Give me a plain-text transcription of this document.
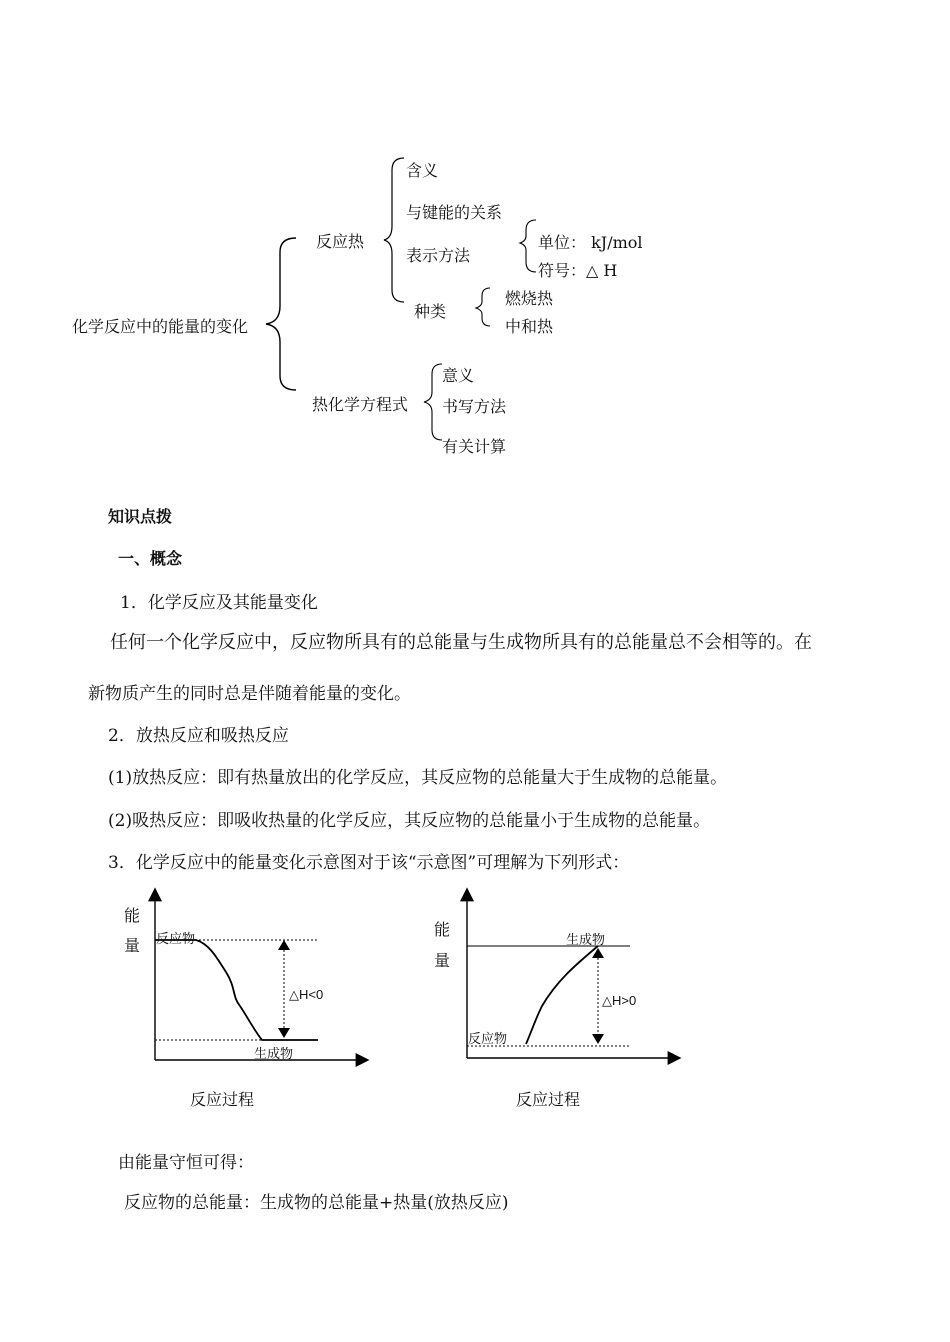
化学反应中的能量的变化
反应热
含义
与键能的关系
表示方法
单位： kJ/mol
符号：△ H
种类
燃烧热
中和热
热化学方程式
意义
书写方法
有关计算
知识点拨
一、概念
1．化学反应及其能量变化
任何一个化学反应中，反应物所具有的总能量与生成物所具有的总能量总不会相等的。在
新物质产生的同时总是伴随着能量的变化。
2．放热反应和吸热反应
(1)放热反应：即有热量放出的化学反应，其反应物的总能量大于生成物的总能量。
(2)吸热反应：即吸收热量的化学反应，其反应物的总能量小于生成物的总能量。
3．化学反应中的能量变化示意图对于该“示意图”可理解为下列形式：
能
量 反应物
生成物
△H<0
反应过程
能
量
生成物
反应物
△H>0
反应过程
由能量守恒可得：
反应物的总能量：生成物的总能量+热量(放热反应)
